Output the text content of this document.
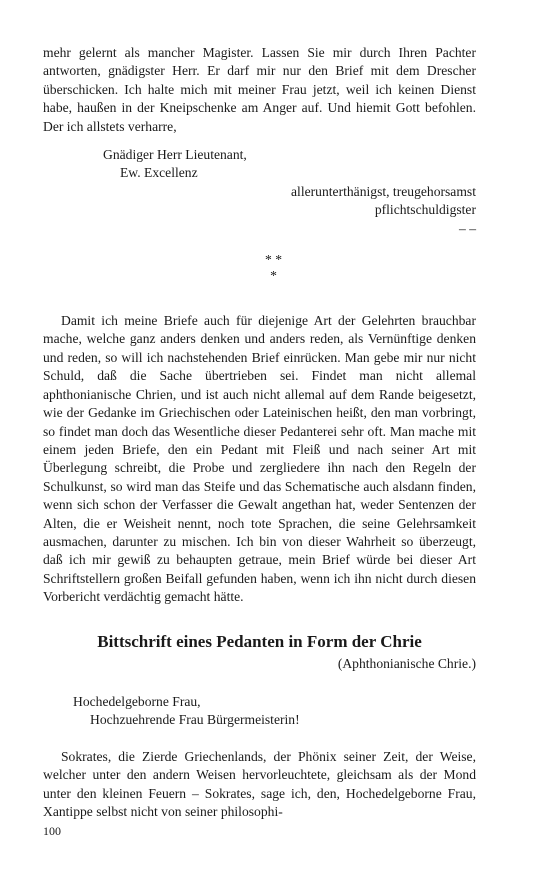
mehr gelernt als mancher Magister. Lassen Sie mir durch Ihren Pachter antworten, gnädigster Herr. Er darf mir nur den Brief mit dem Drescher überschicken. Ich halte mich mit meiner Frau jetzt, weil ich keinen Dienst habe, haußen in der Kneipschenke am Anger auf. Und hiemit Gott befohlen. Der ich allstets verharre,

Gnädiger Herr Lieutenant,
Ew. Excellenz
allerunterthänigst, treugehorsamst
pflichtschuldigster
– –
* *
*

Damit ich meine Briefe auch für diejenige Art der Gelehrten brauchbar mache, welche ganz anders denken und anders reden, als Vernünftige denken und reden, so will ich nachstehenden Brief einrücken. Man gebe mir nur nicht Schuld, daß die Sache übertrieben sei. Findet man nicht allemal aphthonianische Chrien, und ist auch nicht allemal auf dem Rande beigesetzt, wie der Gedanke im Griechischen oder Lateinischen heißt, den man vorbringt, so findet man doch das Wesentliche dieser Pedanterei sehr oft. Man mache mit einem jeden Briefe, den ein Pedant mit Fleiß und nach seiner Art mit Überlegung schreibt, die Probe und zergliedere ihn nach den Regeln der Schulkunst, so wird man das Steife und das Schematische auch alsdann finden, wenn sich schon der Verfasser die Gewalt angethan hat, weder Sentenzen der Alten, die er Weisheit nennt, noch tote Sprachen, die seine Gelehrsamkeit ausmachen, darunter zu mischen. Ich bin von dieser Wahrheit so überzeugt, daß ich mir gewiß zu behaupten getraue, mein Brief würde bei dieser Art Schriftstellern großen Beifall gefunden haben, wenn ich ihn nicht durch diesen Vorbericht verdächtig gemacht hätte.

Bittschrift eines Pedanten in Form der Chrie
(Aphthonianische Chrie.)
Hochedelgeborne Frau,
Hochzuehrende Frau Bürgermeisterin!

Sokrates, die Zierde Griechenlands, der Phönix seiner Zeit, der Weise, welcher unter den andern Weisen hervorleuchtete, gleichsam als der Mond unter den kleinen Feuern – Sokrates, sage ich, den, Hochedelgeborne Frau, Xantippe selbst nicht von seiner philosophi-

100
